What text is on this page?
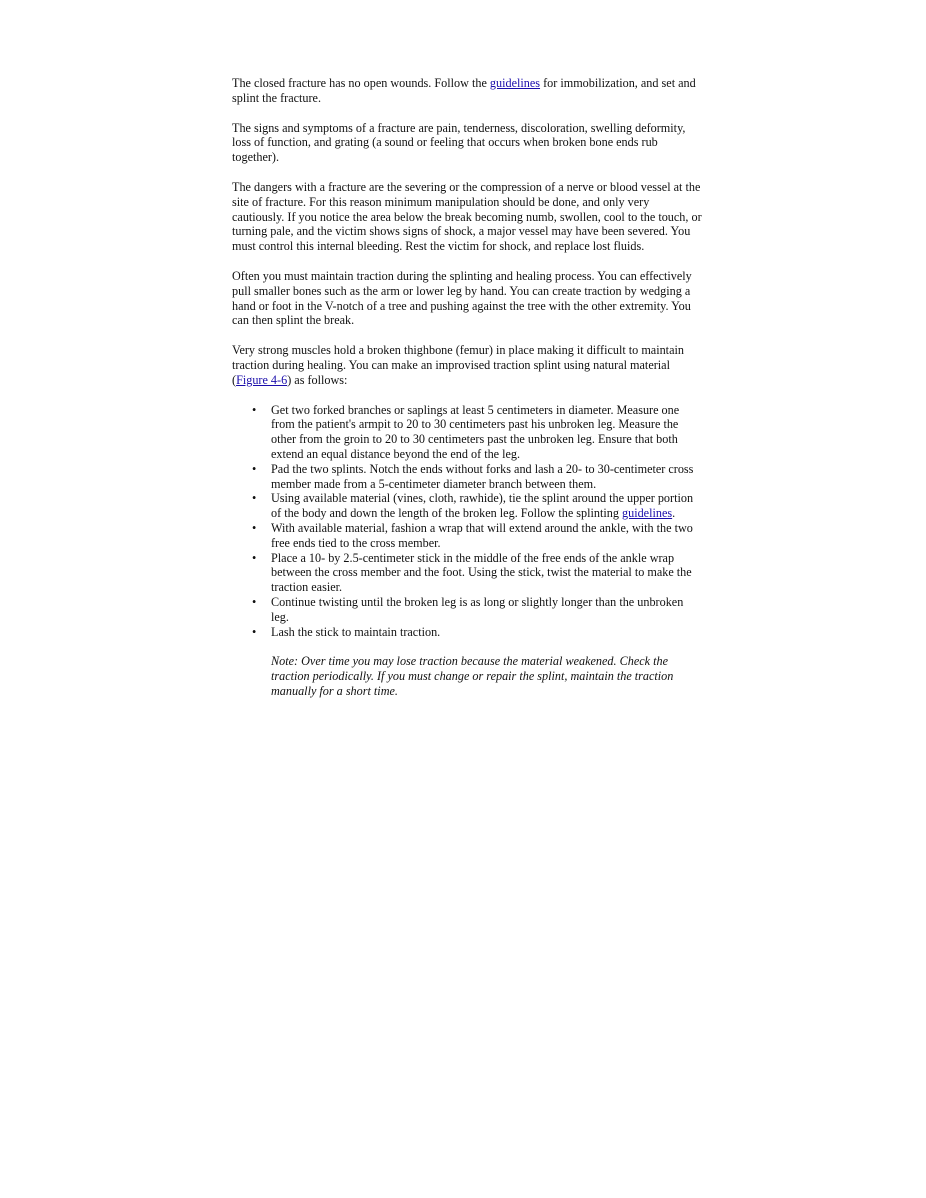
The closed fracture has no open wounds. Follow the guidelines for immobilization, and set and splint the fracture.

The signs and symptoms of a fracture are pain, tenderness, discoloration, swelling deformity, loss of function, and grating (a sound or feeling that occurs when broken bone ends rub together).

The dangers with a fracture are the severing or the compression of a nerve or blood vessel at the site of fracture. For this reason minimum manipulation should be done, and only very cautiously. If you notice the area below the break becoming numb, swollen, cool to the touch, or turning pale, and the victim shows signs of shock, a major vessel may have been severed. You must control this internal bleeding. Rest the victim for shock, and replace lost fluids.

Often you must maintain traction during the splinting and healing process. You can effectively pull smaller bones such as the arm or lower leg by hand. You can create traction by wedging a hand or foot in the V-notch of a tree and pushing against the tree with the other extremity. You can then splint the break.

Very strong muscles hold a broken thighbone (femur) in place making it difficult to maintain traction during healing. You can make an improvised traction splint using natural material (Figure 4-6) as follows:

• Get two forked branches or saplings at least 5 centimeters in diameter. Measure one from the patient's armpit to 20 to 30 centimeters past his unbroken leg. Measure the other from the groin to 20 to 30 centimeters past the unbroken leg. Ensure that both extend an equal distance beyond the end of the leg.
• Pad the two splints. Notch the ends without forks and lash a 20- to 30-centimeter cross member made from a 5-centimeter diameter branch between them.
• Using available material (vines, cloth, rawhide), tie the splint around the upper portion of the body and down the length of the broken leg. Follow the splinting guidelines.
• With available material, fashion a wrap that will extend around the ankle, with the two free ends tied to the cross member.
• Place a 10- by 2.5-centimeter stick in the middle of the free ends of the ankle wrap between the cross member and the foot. Using the stick, twist the material to make the traction easier.
• Continue twisting until the broken leg is as long or slightly longer than the unbroken leg.
• Lash the stick to maintain traction.

Note: Over time you may lose traction because the material weakened. Check the traction periodically. If you must change or repair the splint, maintain the traction manually for a short time.
